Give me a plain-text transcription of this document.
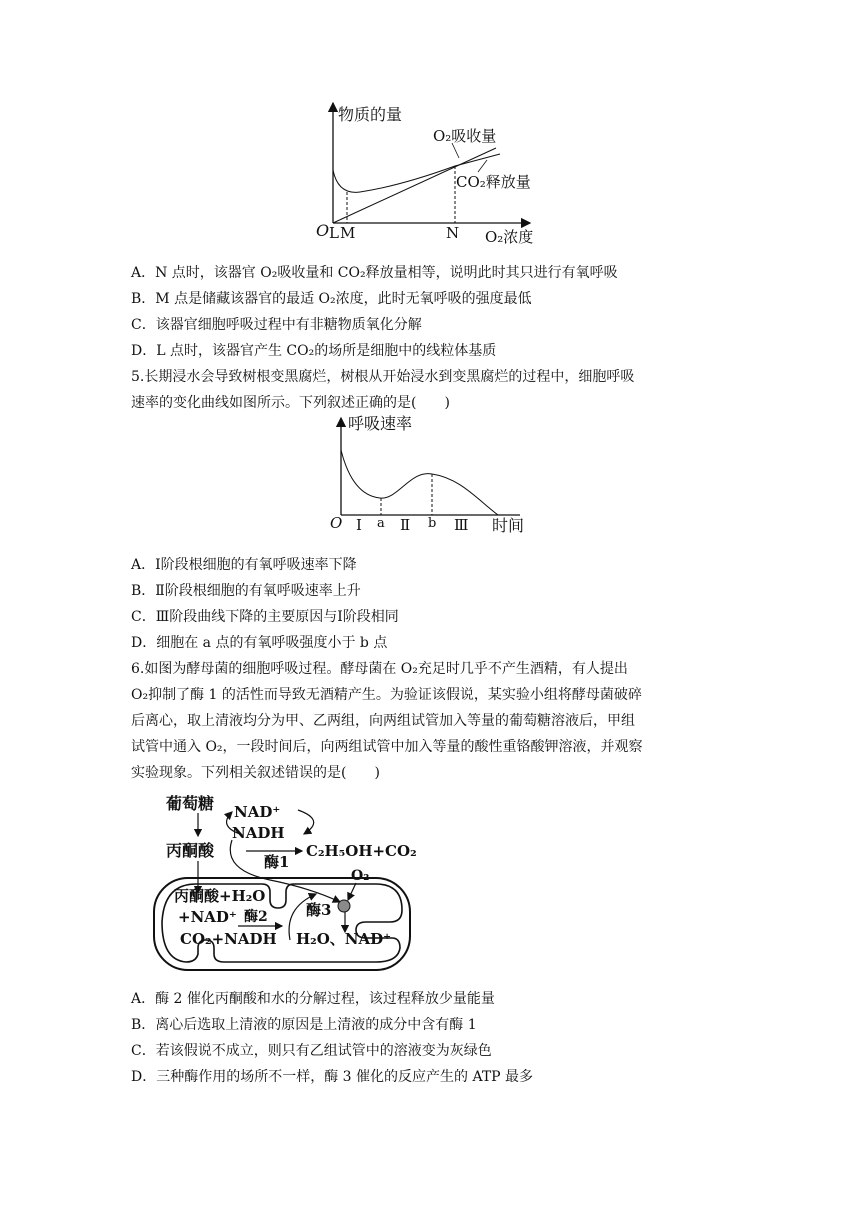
物质的量
O₂浓度
O L M	N
O₂吸收量
CO₂释放量
A．N 点时，该器官 O₂吸收量和 CO₂释放量相等，说明此时其只进行有氧呼吸
B．M 点是储藏该器官的最适 O₂浓度，此时无氧呼吸的强度最低
C．该器官细胞呼吸过程中有非糖物质氧化分解
D．L 点时，该器官产生 CO₂的场所是细胞中的线粒体基质
5.长期浸水会导致树根变黑腐烂，树根从开始浸水到变黑腐烂的过程中，细胞呼吸
速率的变化曲线如图所示。下列叙述正确的是(　　)
呼吸速率
时间
O Ⅰ a Ⅱ b Ⅲ
A．Ⅰ阶段根细胞的有氧呼吸速率下降
B．Ⅱ阶段根细胞的有氧呼吸速率上升
C．Ⅲ阶段曲线下降的主要原因与Ⅰ阶段相同
D．细胞在 a 点的有氧呼吸强度小于 b 点
6.如图为酵母菌的细胞呼吸过程。酵母菌在 O₂充足时几乎不产生酒精，有人提出
O₂抑制了酶 1 的活性而导致无酒精产生。为验证该假说，某实验小组将酵母菌破碎
后离心，取上清液均分为甲、乙两组，向两组试管加入等量的葡萄糖溶液后，甲组
试管中通入 O₂，一段时间后，向两组试管中加入等量的酸性重铬酸钾溶液，并观察
实验现象。下列相关叙述错误的是(　　)
葡萄糖
丙酮酸
NAD⁺
NADH
酶1
C₂H₅OH+CO₂
O₂
酶3
丙酮酸+H₂O
+NAD⁺ 酶2
CO₂+NADH H₂O、NAD⁺
A．酶 2 催化丙酮酸和水的分解过程，该过程释放少量能量
B．离心后选取上清液的原因是上清液的成分中含有酶 1
C．若该假说不成立，则只有乙组试管中的溶液变为灰绿色
D．三种酶作用的场所不一样，酶 3 催化的反应产生的 ATP 最多
